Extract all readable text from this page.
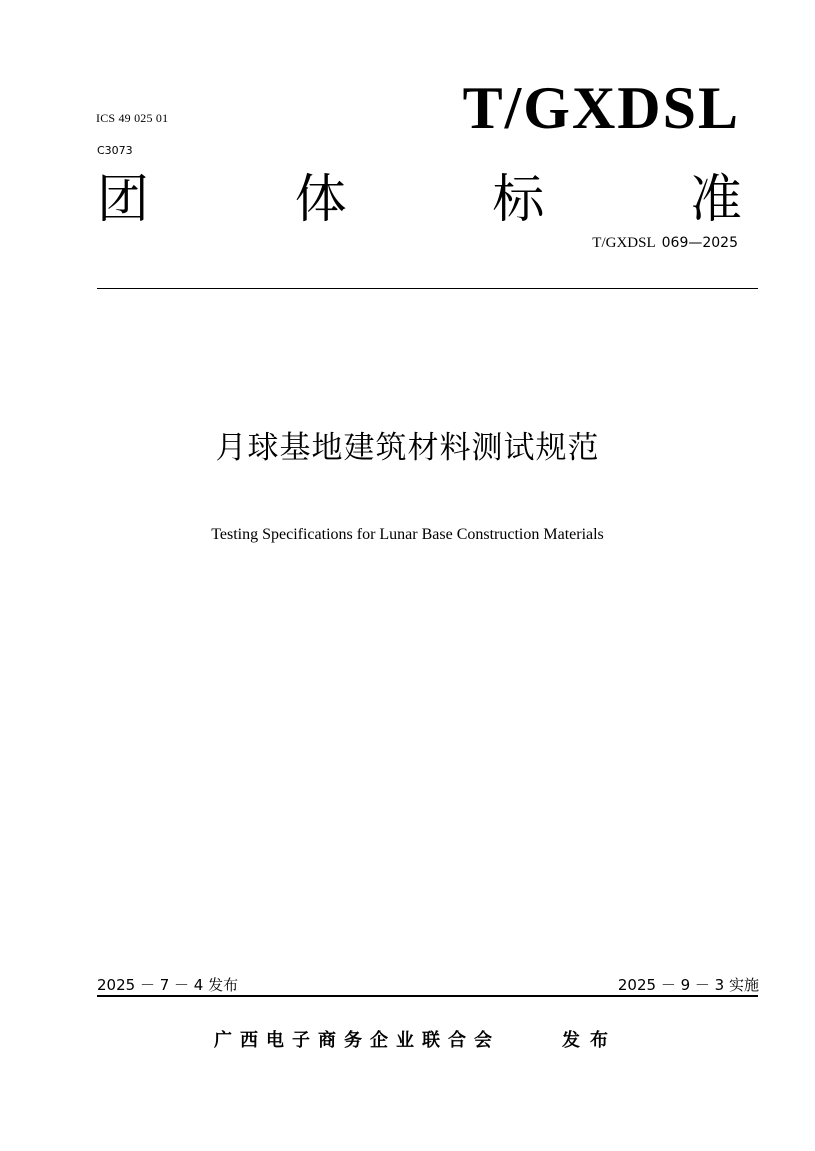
ICS 49 025 01
C3073
T/GXDSL
团	体	标	准
T/GXDSL 069—2025
月球基地建筑材料测试规范
Testing Specifications for Lunar Base Construction Materials
2025 － 7 － 4 发布	2025 － 9 － 3 实施
广西电子商务企业联合会	发布
